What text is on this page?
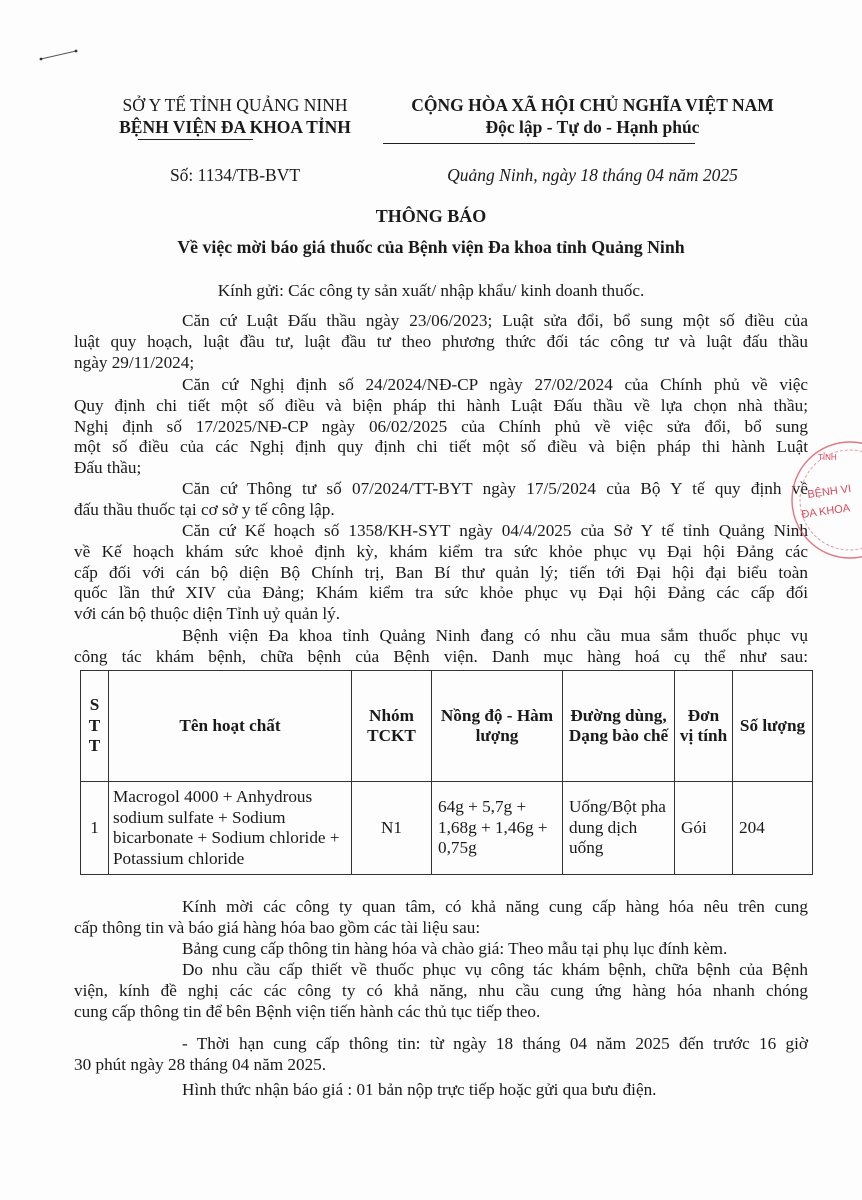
SỞ Y TẾ TỈNH QUẢNG NINH
BỆNH VIỆN ĐA KHOA TỈNH
CỘNG HÒA XÃ HỘI CHỦ NGHĨA VIỆT NAM
Độc lập - Tự do - Hạnh phúc
Số: 1134/TB-BVT	Quảng Ninh, ngày 18 tháng 04 năm 2025
THÔNG BÁO
Về việc mời báo giá thuốc của Bệnh viện Đa khoa tỉnh Quảng Ninh
Kính gửi: Các công ty sản xuất/ nhập khẩu/ kinh doanh thuốc.
Căn cứ Luật Đấu thầu ngày 23/06/2023; Luật sửa đổi, bổ sung một số điều của
luật quy hoạch, luật đầu tư, luật đầu tư theo phương thức đối tác công tư và luật đấu thầu
ngày 29/11/2024;
Căn cứ Nghị định số 24/2024/NĐ-CP ngày 27/02/2024 của Chính phủ về việc
Quy định chi tiết một số điều và biện pháp thi hành Luật Đấu thầu về lựa chọn nhà thầu;
Nghị định số 17/2025/NĐ-CP ngày 06/02/2025 của Chính phủ về việc sửa đổi, bổ sung
một số điều của các Nghị định quy định chi tiết một số điều và biện pháp thi hành Luật
Đấu thầu;
Căn cứ Thông tư số 07/2024/TT-BYT ngày 17/5/2024 của Bộ Y tế quy định về
đấu thầu thuốc tại cơ sở y tế công lập.
Căn cứ Kế hoạch số 1358/KH-SYT ngày 04/4/2025 của Sở Y tế tỉnh Quảng Ninh
về Kế hoạch khám sức khoẻ định kỳ, khám kiểm tra sức khỏe phục vụ Đại hội Đảng các
cấp đối với cán bộ diện Bộ Chính trị, Ban Bí thư quản lý; tiến tới Đại hội đại biểu toàn
quốc lần thứ XIV của Đảng; Khám kiểm tra sức khỏe phục vụ Đại hội Đảng các cấp đối
với cán bộ thuộc diện Tỉnh uỷ quản lý.
Bệnh viện Đa khoa tỉnh Quảng Ninh đang có nhu cầu mua sắm thuốc phục vụ
công tác khám bệnh, chữa bệnh của Bệnh viện. Danh mục hàng hoá cụ thể như sau:
S
T
T	Tên hoạt chất	Nhóm TCKT	Nồng độ - Hàm lượng	Đường dùng, Dạng bào chế	Đơn vị tính	Số lượng
1	Macrogol 4000 + Anhydrous sodium sulfate + Sodium bicarbonate + Sodium chloride + Potassium chloride	N1	64g + 5,7g + 1,68g + 1,46g + 0,75g	Uống/Bột pha dung dịch uống	Gói	204
Kính mời các công ty quan tâm, có khả năng cung cấp hàng hóa nêu trên cung
cấp thông tin và báo giá hàng hóa bao gồm các tài liệu sau:
Bảng cung cấp thông tin hàng hóa và chào giá: Theo mẫu tại phụ lục đính kèm.
Do nhu cầu cấp thiết về thuốc phục vụ công tác khám bệnh, chữa bệnh của Bệnh
viện, kính đề nghị các các công ty có khả năng, nhu cầu cung ứng hàng hóa nhanh chóng
cung cấp thông tin để bên Bệnh viện tiến hành các thủ tục tiếp theo.
- Thời hạn cung cấp thông tin: từ ngày 18 tháng 04 năm 2025 đến trước 16 giờ
30 phút ngày 28 tháng 04 năm 2025.
Hình thức nhận báo giá : 01 bản nộp trực tiếp hoặc gửi qua bưu điện.
TỈNH
BỆNH VI
ĐA KHOA
